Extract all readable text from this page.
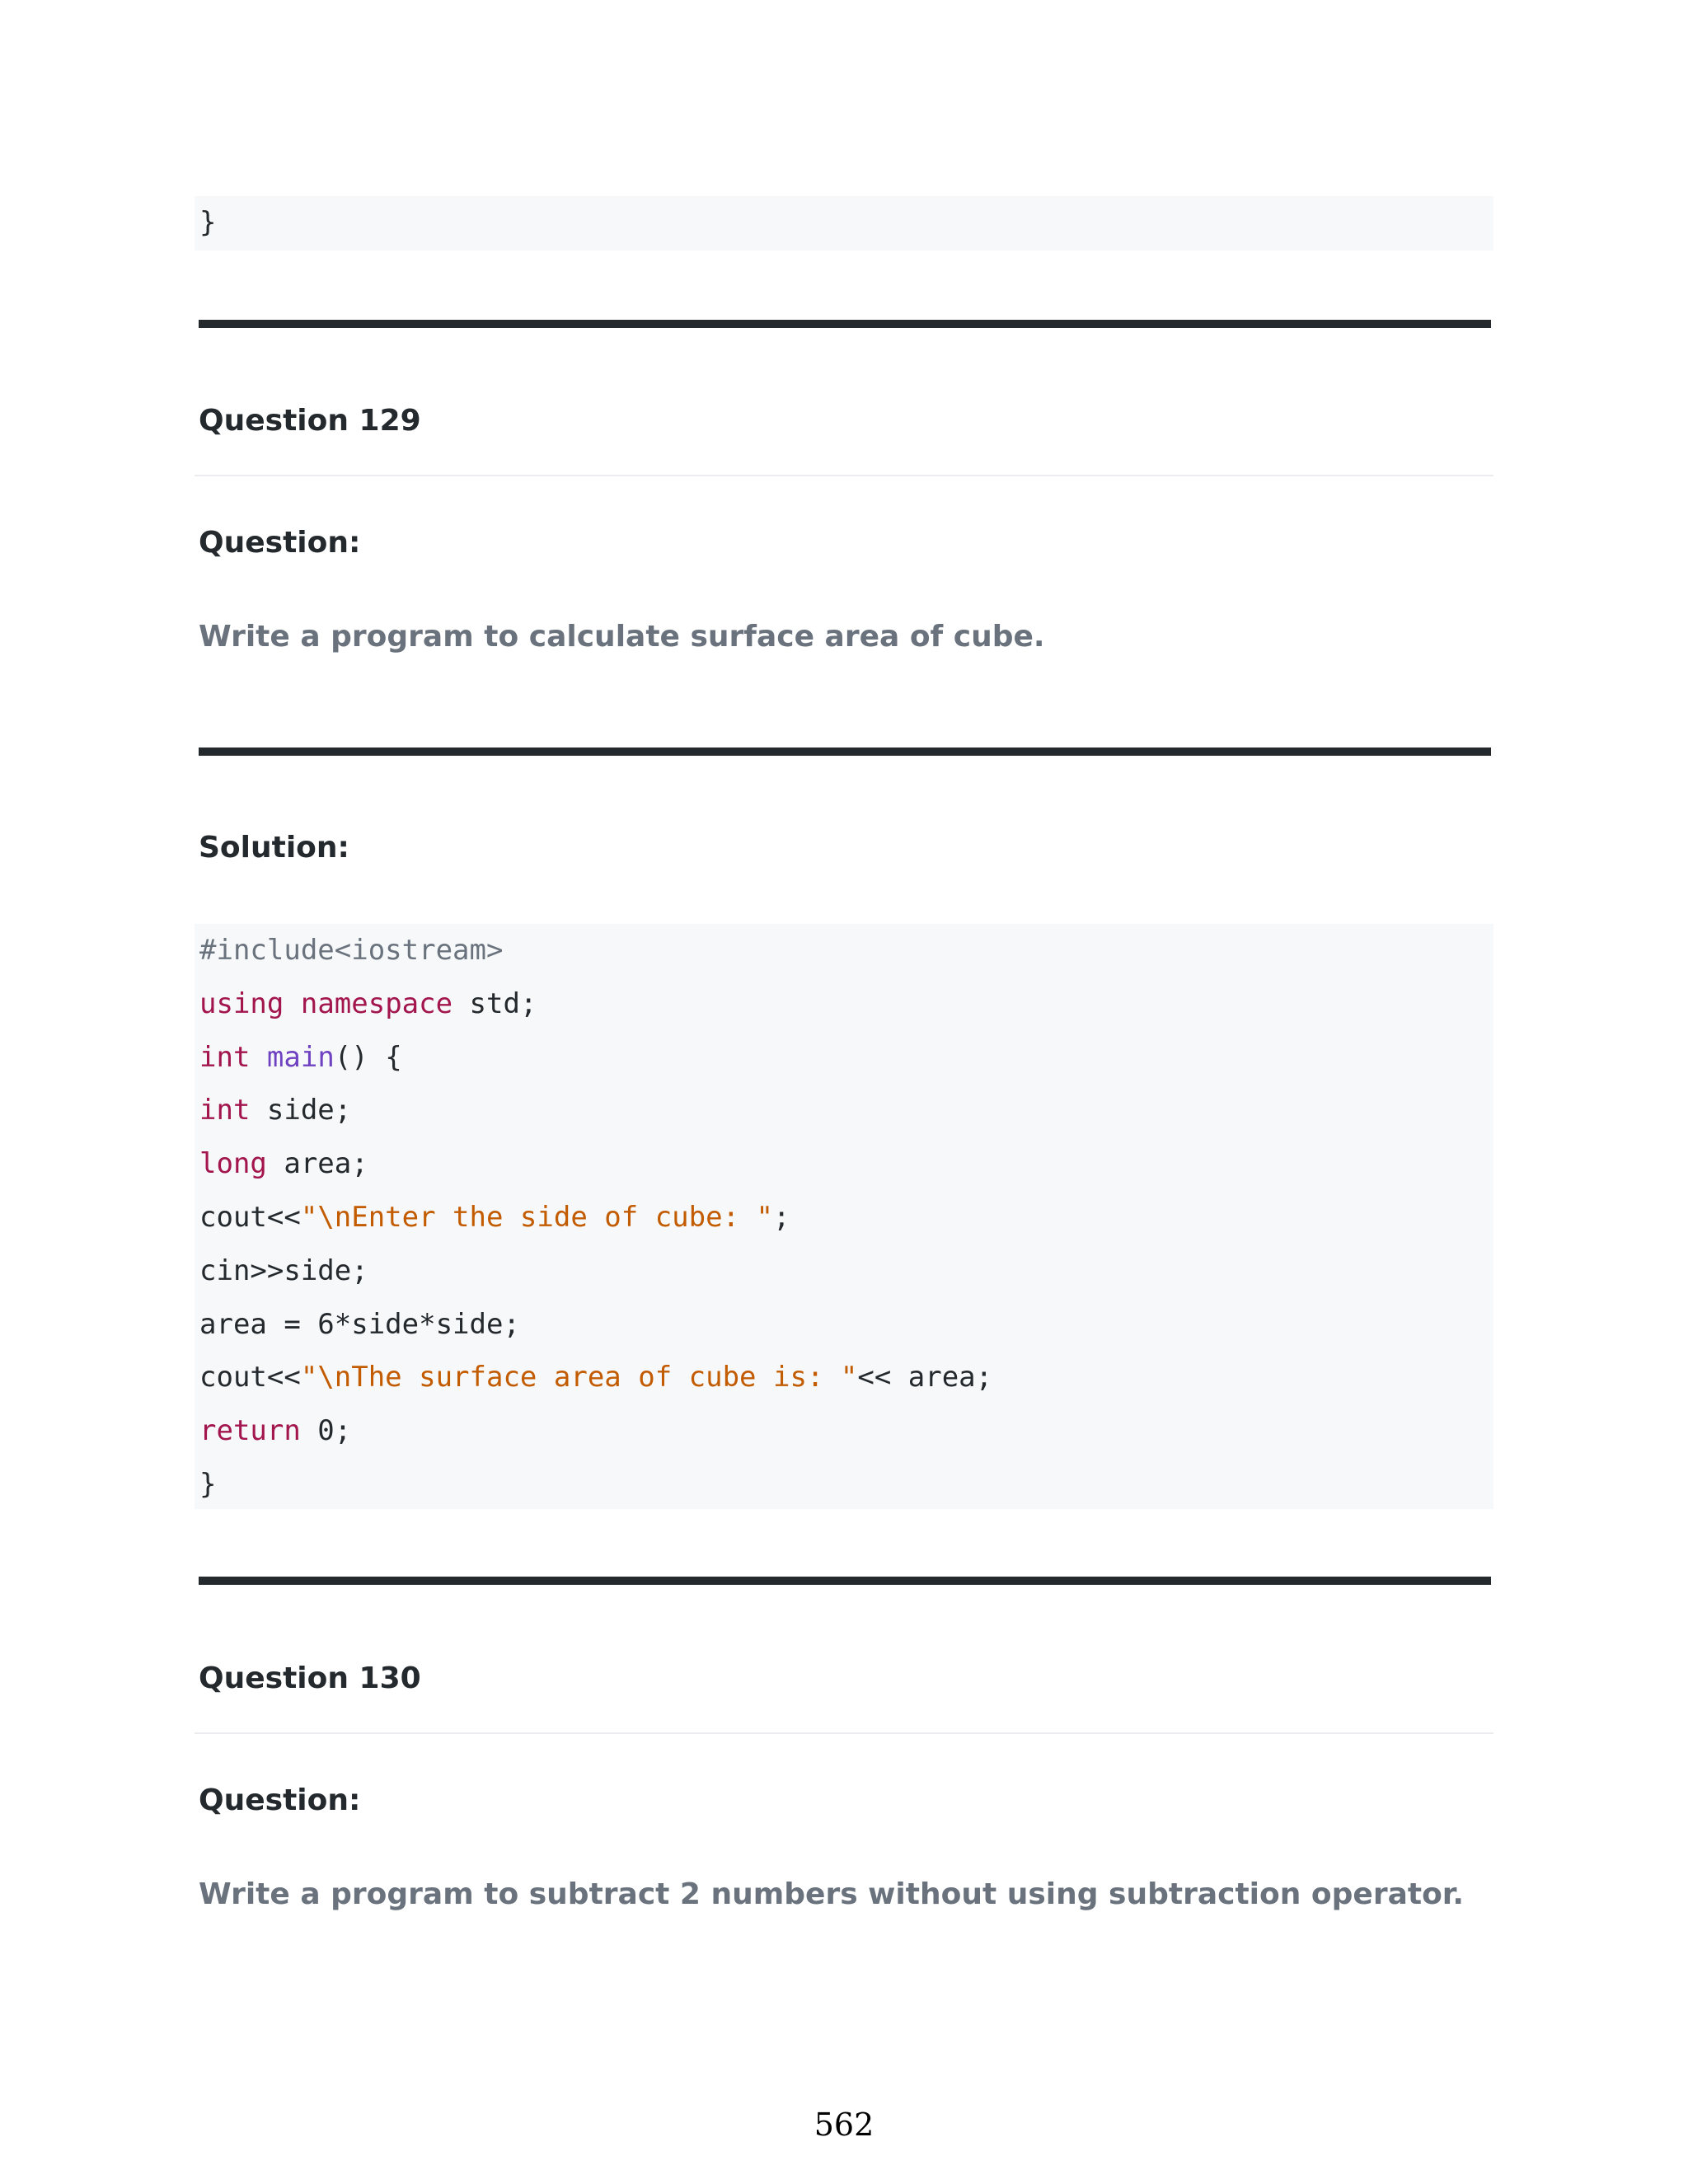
}
Question 129
Question:
Write a program to calculate surface area of cube.
Solution:
#include<iostream>
using namespace std;
int main() {
int side;
long area;
cout<<"\nEnter the side of cube: ";
cin>>side;
area = 6*side*side;
cout<<"\nThe surface area of cube is: "<< area;
return 0;
}
Question 130
Question:
Write a program to subtract 2 numbers without using subtraction operator.
562
